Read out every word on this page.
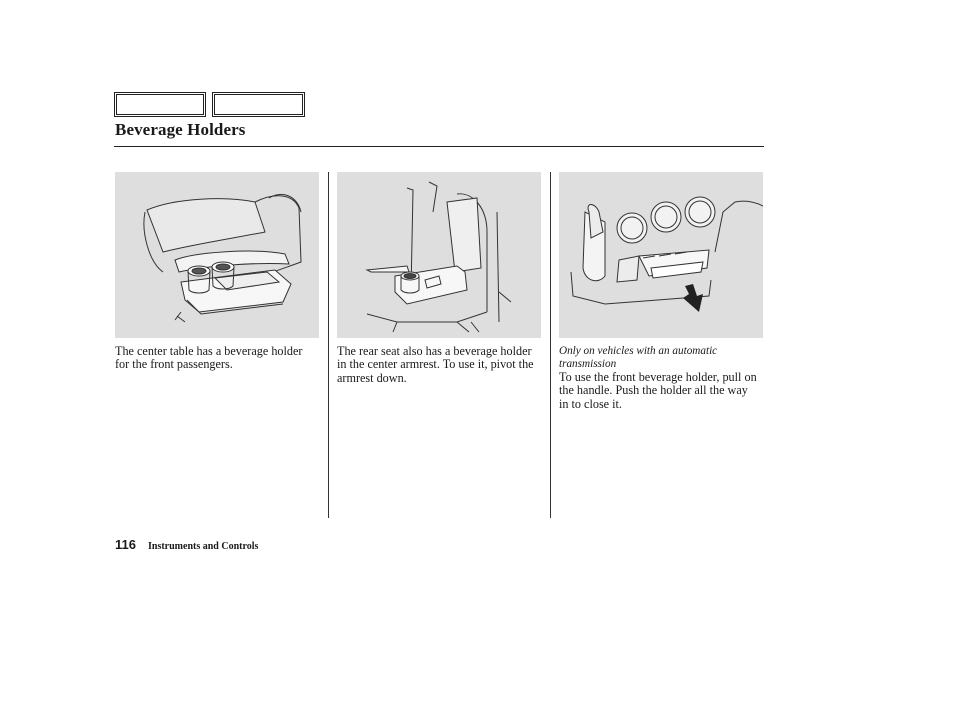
Beverage Holders
The center table has a beverage holder for the front passengers.
The rear seat also has a beverage holder in the center armrest. To use it, pivot the armrest down.
Only on vehicles with an automatic transmission
To use the front beverage holder, pull on the handle. Push the holder all the way in to close it.
116 Instruments and Controls
